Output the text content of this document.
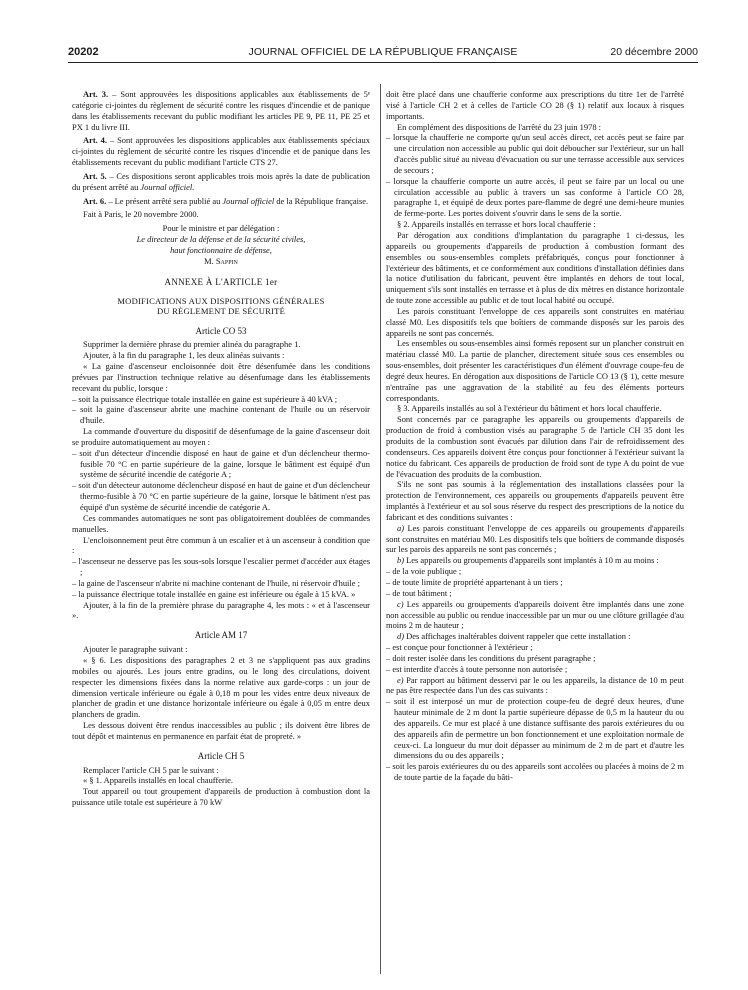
20202	JOURNAL OFFICIEL DE LA RÉPUBLIQUE FRANÇAISE	20 décembre 2000

Art. 3. – Sont approuvées les dispositions applicables aux établissements de 5ᵉ catégorie ci-jointes du règlement de sécurité contre les risques d'incendie et de panique dans les établissements recevant du public modifiant les articles PE 9, PE 11, PE 25 et PX 1 du livre III.

Art. 4. – Sont approuvées les dispositions applicables aux établissements spéciaux ci-jointes du règlement de sécurité contre les risques d'incendie et de panique dans les établissements recevant du public modifiant l'article CTS 27.

Art. 5. – Ces dispositions seront applicables trois mois après la date de publication du présent arrêté au Journal officiel.

Art. 6. – Le présent arrêté sera publié au Journal officiel de la République française.

Fait à Paris, le 20 novembre 2000.

Pour le ministre et par délégation :

Le directeur de la défense et de la sécurité civiles,

haut fonctionnaire de défense,

M. Sappin

ANNEXE À L'ARTICLE 1er

MODIFICATIONS AUX DISPOSITIONS GÉNÉRALES

DU RÈGLEMENT DE SÉCURITÉ

Article CO 53

Supprimer la dernière phrase du premier alinéa du paragraphe 1.

Ajouter, à la fin du paragraphe 1, les deux alinéas suivants :

« La gaine d'ascenseur encloisonnée doit être désenfumée dans les conditions prévues par l'instruction technique relative au désenfumage dans les établissements recevant du public, lorsque :

– soit la puissance électrique totale installée en gaine est supérieure à 40 kVA ;

– soit la gaine d'ascenseur abrite une machine contenant de l'huile ou un réservoir d'huile.

La commande d'ouverture du dispositif de désenfumage de la gaine d'ascenseur doit se produire automatiquement au moyen :

– soit d'un détecteur d'incendie disposé en haut de gaine et d'un déclencheur thermo-fusible 70 °C en partie supérieure de la gaine, lorsque le bâtiment est équipé d'un système de sécurité incendie de catégorie A ;

– soit d'un détecteur autonome déclencheur disposé en haut de gaine et d'un déclencheur thermo-fusible à 70 °C en partie supérieure de la gaine, lorsque le bâtiment n'est pas équipé d'un système de sécurité incendie de catégorie A.

Ces commandes automatiques ne sont pas obligatoirement doublées de commandes manuelles.

L'encloisonnement peut être commun à un escalier et à un ascenseur à condition que :

– l'ascenseur ne desserve pas les sous-sols lorsque l'escalier permet d'accéder aux étages ;

– la gaine de l'ascenseur n'abrite ni machine contenant de l'huile, ni réservoir d'huile ;

– la puissance électrique totale installée en gaine est inférieure ou égale à 15 kVA. »

Ajouter, à la fin de la première phrase du paragraphe 4, les mots : « et à l'ascenseur ».

Article AM 17

Ajouter le paragraphe suivant :

« § 6. Les dispositions des paragraphes 2 et 3 ne s'appliquent pas aux gradins mobiles ou ajourés. Les jours entre gradins, ou le long des circulations, doivent respecter les dimensions fixées dans la norme relative aux garde-corps : un jour de dimension verticale inférieure ou égale à 0,18 m pour les vides entre deux niveaux de plancher de gradin et une distance horizontale inférieure ou égale à 0,05 m entre deux planchers de gradin.

Les dessous doivent être rendus inaccessibles au public ; ils doivent être libres de tout dépôt et maintenus en permanence en parfait état de propreté. »

Article CH 5

Remplacer l'article CH 5 par le suivant :

« § 1. Appareils installés en local chaufferie.

Tout appareil ou tout groupement d'appareils de production à combustion dont la puissance utile totale est supérieure à 70 kW

doit être placé dans une chaufferie conforme aux prescriptions du titre 1er de l'arrêté visé à l'article CH 2 et à celles de l'article CO 28 (§ 1) relatif aux locaux à risques importants.

En complément des dispositions de l'arrêté du 23 juin 1978 :

– lorsque la chaufferie ne comporte qu'un seul accès direct, cet accès peut se faire par une circulation non accessible au public qui doit déboucher sur l'extérieur, sur un hall d'accès public situé au niveau d'évacuation ou sur une terrasse accessible aux services de secours ;

– lorsque la chaufferie comporte un autre accès, il peut se faire par un local ou une circulation accessible au public à travers un sas conforme à l'article CO 28, paragraphe 1, et équipé de deux portes pare-flamme de degré une demi-heure munies de ferme-porte. Les portes doivent s'ouvrir dans le sens de la sortie.

§ 2. Appareils installés en terrasse et hors local chaufferie :

Par dérogation aux conditions d'implantation du paragraphe 1 ci-dessus, les appareils ou groupements d'appareils de production à combustion formant des ensembles ou sous-ensembles complets préfabriqués, conçus pour fonctionner à l'extérieur des bâtiments, et ce conformément aux conditions d'installation définies dans la notice d'utilisation du fabricant, peuvent être implantés en dehors de tout local, uniquement s'ils sont installés en terrasse et à plus de dix mètres en distance horizontale de toute zone accessible au public et de tout local habité ou occupé.

Les parois constituant l'enveloppe de ces appareils sont construites en matériau classé M0. Les dispositifs tels que boîtiers de commande disposés sur les parois des appareils ne sont pas concernés.

Les ensembles ou sous-ensembles ainsi formés reposent sur un plancher construit en matériau classé M0. La partie de plancher, directement située sous ces ensembles ou sous-ensembles, doit présenter les caractéristiques d'un élément d'ouvrage coupe-feu de degré deux heures. En dérogation aux dispositions de l'article CO 13 (§ 1), cette mesure n'entraîne pas une aggravation de la stabilité au feu des éléments porteurs correspondants.

§ 3. Appareils installés au sol à l'extérieur du bâtiment et hors local chaufferie.

Sont concernés par ce paragraphe les appareils ou groupements d'appareils de production de froid à combustion visés au paragraphe 5 de l'article CH 35 dont les produits de la combustion sont évacués par dilution dans l'air de refroidissement des condenseurs. Ces appareils doivent être conçus pour fonctionner à l'extérieur suivant la notice du fabricant. Ces appareils de production de froid sont de type A du point de vue de l'évacuation des produits de la combustion.

S'ils ne sont pas soumis à la réglementation des installations classées pour la protection de l'environnement, ces appareils ou groupements d'appareils peuvent être implantés à l'extérieur et au sol sous réserve du respect des prescriptions de la notice du fabricant et des conditions suivantes :

a) Les parois constituant l'enveloppe de ces appareils ou groupements d'appareils sont construites en matériau M0. Les dispositifs tels que boîtiers de commande disposés sur les parois des appareils ne sont pas concernés ;

b) Les appareils ou groupements d'appareils sont implantés à 10 m au moins :

– de la voie publique ;

– de toute limite de propriété appartenant à un tiers ;

– de tout bâtiment ;

c) Les appareils ou groupements d'appareils doivent être implantés dans une zone non accessible au public ou rendue inaccessible par un mur ou une clôture grillagée d'au moins 2 m de hauteur ;

d) Des affichages inaltérables doivent rappeler que cette installation :

– est conçue pour fonctionner à l'extérieur ;

– doit rester isolée dans les conditions du présent paragraphe ;

– est interdite d'accès à toute personne non autorisée ;

e) Par rapport au bâtiment desservi par le ou les appareils, la distance de 10 m peut ne pas être respectée dans l'un des cas suivants :

– soit il est interposé un mur de protection coupe-feu de degré deux heures, d'une hauteur minimale de 2 m dont la partie supérieure dépasse de 0,5 m la hauteur du ou des appareils. Ce mur est placé à une distance suffisante des parois extérieures du ou des appareils afin de permettre un bon fonctionnement et une exploitation normale de ceux-ci. La longueur du mur doit dépasser au minimum de 2 m de part et d'autre les dimensions du ou des appareils ;

– soit les parois extérieures du ou des appareils sont accolées ou placées à moins de 2 m de toute partie de la façade du bâti-
